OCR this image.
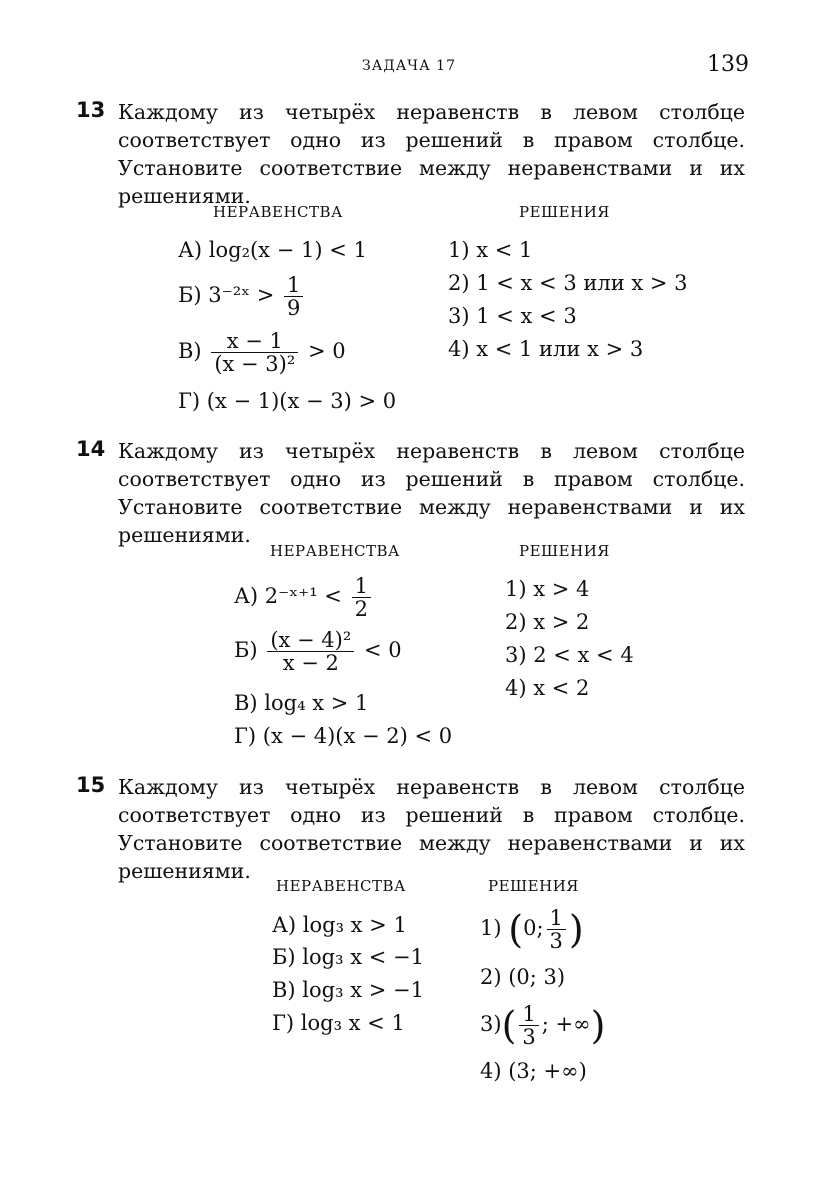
ЗАДАЧА 17	139
13 Каждому из четырёх неравенств в левом столбце соответствует одно из решений в правом столбце. Установите соответствие между неравенствами и их решениями.
НЕРАВЕНСТВА	РЕШЕНИЯ
А) log₂(x − 1) < 1
Б) 3⁻²ˣ > $\frac{1}{9}$
$В) \frac{x - 1}{\text{(x − 3)²}} > 0$
Г) (x − 1)(x − 3) > 0
1) x < 1
2) 1 < x < 3 или x > 3
3) 1 < x < 3
4) x < 1 или x > 3
14 Каждому из четырёх неравенств в левом столбце соответствует одно из решений в правом столбце. Установите соответствие между неравенствами и их решениями.
НЕРАВЕНСТВА	РЕШЕНИЯ
А) 2⁻ˣ⁺¹ < $\frac{1}{2}$
$Б) \frac{\text{(x − 4)²}}{x - 2} < 0$
В) log₄ x > 1
Г) (x − 4)(x − 2) < 0
1) x > 4
2) x > 2
3) 2 < x < 4
4) x < 2
15 Каждому из четырёх неравенств в левом столбце соответствует одно из решений в правом столбце. Установите соответствие между неравенствами и их решениями.
НЕРАВЕНСТВА	РЕШЕНИЯ
А) log₃ x > 1
Б) log₃ x < −1
В) log₃ x > −1
Г) log₃ x < 1
1) (0; $\frac{1}{3}$ )
2) (0; 3)
$3)( \frac{1}{3}$ ; +∞)
4) (3; +∞)
